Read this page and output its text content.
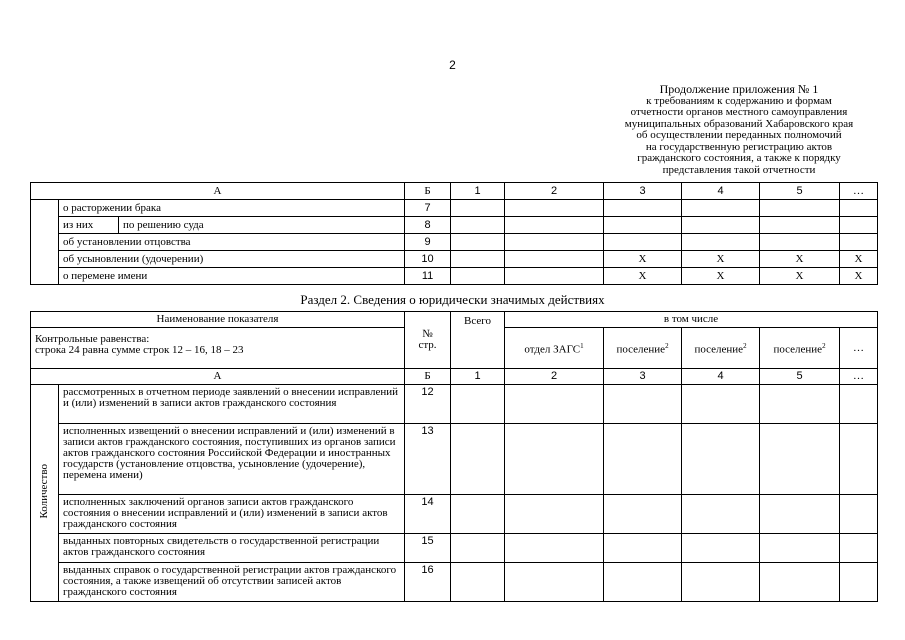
2
Продолжение приложения № 1
к требованиям к содержанию и формам
отчетности органов местного самоуправления
муниципальных образований Хабаровского края
об осуществлении переданных полномочий
на государственную регистрацию актов
гражданского состояния, а также к порядку
представления такой отчетности
А			Б	1	2	3	4	5	…
	о расторжении брака		7						
	из них	по решению суда	8						
	об установлении отцовства		9						
	об усыновлении (удочерении)		10			X	X	X	X
	о перемене имени		11			X	X	X	X
Раздел 2. Сведения о юридически значимых действиях
Наименование показателя		№
стр.	Всего	в том числе				

Контрольные равенства:
строка 24 равна сумме строк 12 – 16, 18 – 23				отдел ЗАГС$^1$	поселение$^2$	поселение$^2$	поселение$^2$	…
А		Б	1	2	3	4	5	…
Количество	рассмотренных в отчетном периоде заявлений о внесении исправлений и (или) изменений в записи актов гражданского состояния	12						
	исполненных извещений о внесении исправлений и (или) изменений в записи актов гражданского состояния, поступивших из органов записи актов гражданского состояния Российской Федерации и иностранных государств (установление отцовства, усыновление (удочерение), перемена имени)	13						
	исполненных заключений органов записи актов гражданского состояния о внесении исправлений и (или) изменений в записи актов гражданского состояния	14						
	выданных повторных свидетельств о государственной регистрации актов гражданского состояния	15						
	выданных справок о государственной регистрации актов гражданского состояния, а также извещений об отсутствии записей актов гражданского состояния	16						
